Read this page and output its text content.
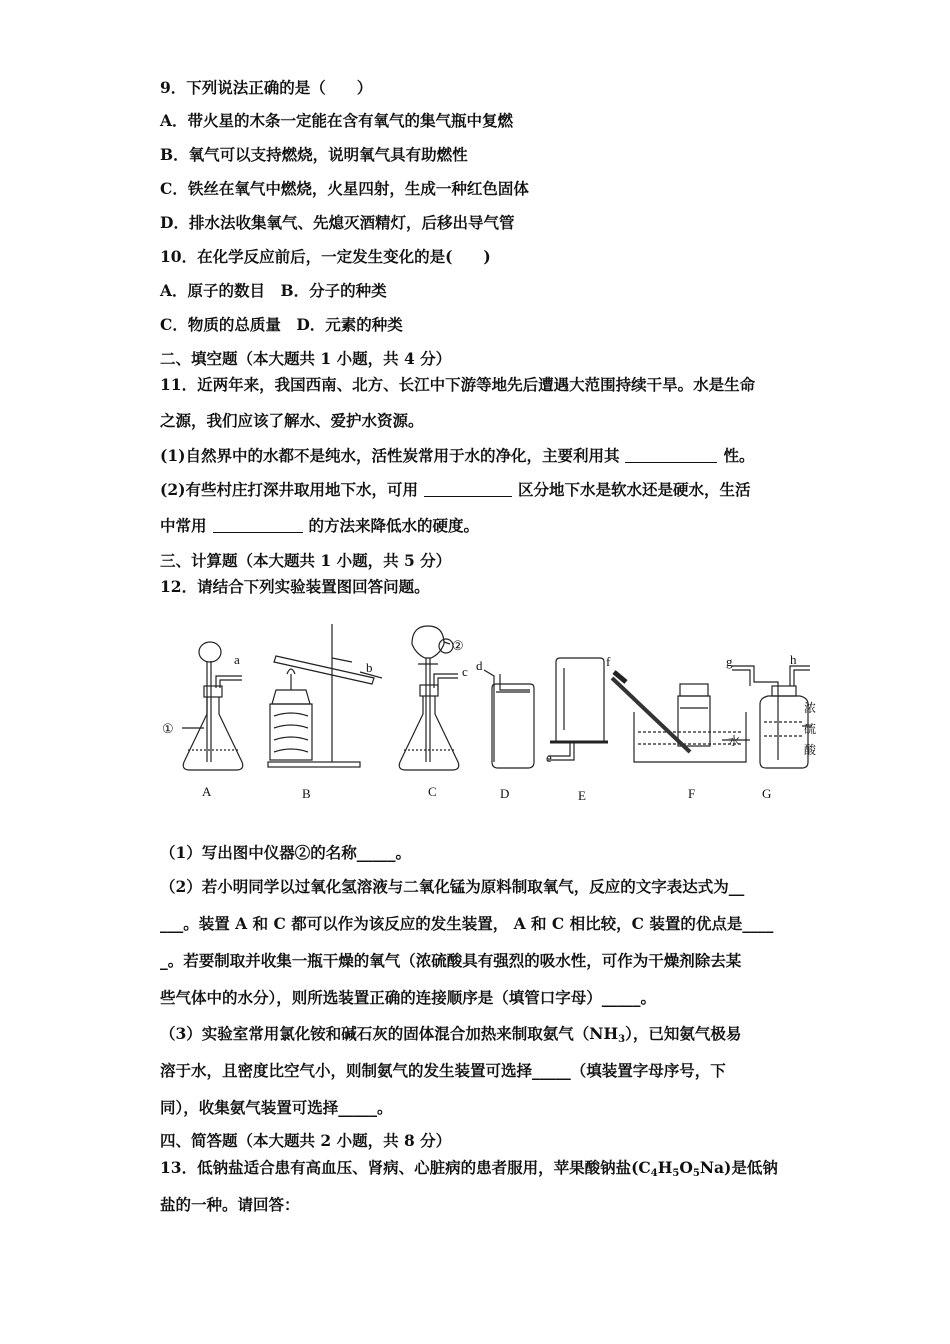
9．下列说法正确的是（　　）
A．带火星的木条一定能在含有氧气的集气瓶中复燃
B．氧气可以支持燃烧，说明氧气具有助燃性
C．铁丝在氧气中燃烧，火星四射，生成一种红色固体
D．排水法收集氧气、先熄灭酒精灯，后移出导气管
10．在化学反应前后，一定发生变化的是(　　)
A．原子的数目　B．分子的种类
C．物质的总质量　D．元素的种类
二、填空题（本大题共 1 小题，共 4 分）
11．近两年来，我国西南、北方、长江中下游等地先后遭遇大范围持续干旱。水是生命
之源，我们应该了解水、爱护水资源。
(1)自然界中的水都不是纯水，活性炭常用于水的净化，主要利用其	性。
(2)有些村庄打深井取用地下水，可用	区分地下水是软水还是硬水，生活
中常用	的方法来降低水的硬度。
三、计算题（本大题共 1 小题，共 5 分）
12．请结合下列实验装置图回答问题。
a
b	c d
e
f	g	h
①
②
水
浓
硫
酸
A	B	C	D	E	F	G
（1）写出图中仪器②的名称_____。
（2）若小明同学以过氧化氢溶液与二氧化锰为原料制取氧气，反应的文字表达式为__
___。装置 A 和 C 都可以作为该反应的发生装置， A 和 C 相比较，C 装置的优点是____
_。若要制取并收集一瓶干燥的氧气（浓硫酸具有强烈的吸水性，可作为干燥剂除去某
些气体中的水分），则所选装置正确的连接顺序是（填管口字母）_____。
（3）实验室常用氯化铵和碱石灰的固体混合加热来制取氨气$(NH_3)$，已知氨气极易
溶于水，且密度比空气小，则制氨气的发生装置可选择_____（填装置字母序号，下
同），收集氨气装置可选择_____。
四、简答题（本大题共 2 小题，共 8 分）
13．低钠盐适合患有高血压、肾病、心脏病的患者服用，苹果酸钠盐$(C_4H_5O_5Na)$是低钠
盐的一种。请回答：
